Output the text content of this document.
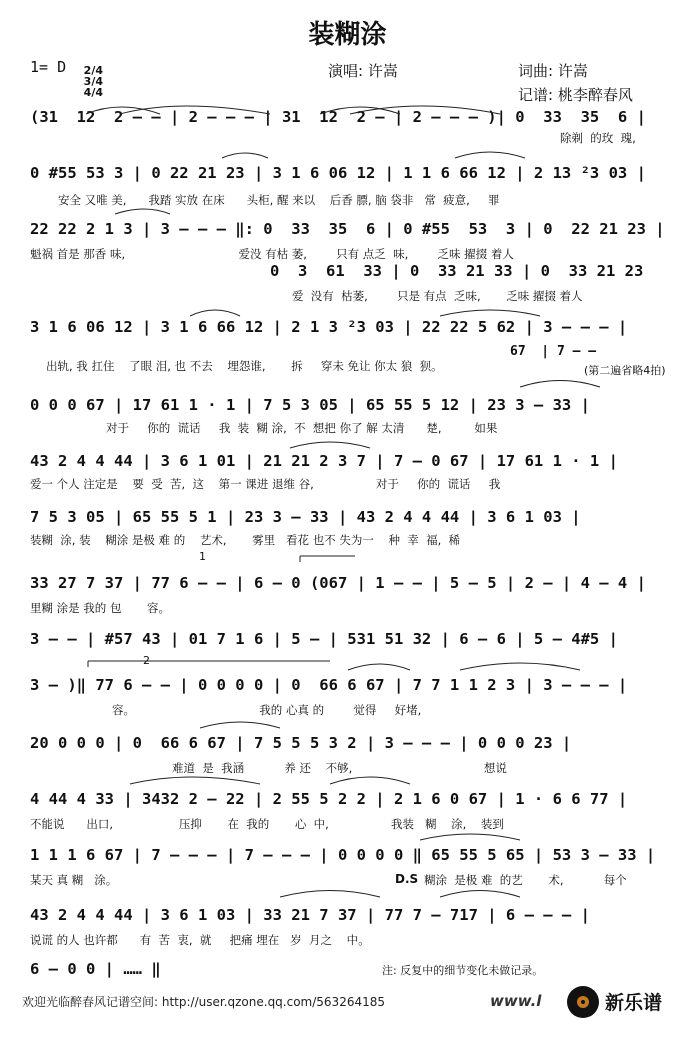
装糊涂
1= D	2/4
3/4
4/4

演唱: 许嵩	词曲: 许嵩
记谱: 桃李醉春风
(31  12  2 – – | 2 – – – | 31  12  2 – | 2 – – – )| 0  33  35  6 |
除剃  的玫  瑰,
0 #55 53 3 | 0 22 21 23 | 3 1 6 06 12 | 1 1 6 66 12 | 2 13 ²3 03 |
安全 又唯 美,      我踏 实放 在床      头柜, 醒 来以    后香 膘, 脑 袋非   常  疲意,     罪
22 22 2 1 3 | 3 – – – ‖: 0  33  35  6 | 0 #55  53  3 | 0  22 21 23 |
魁祸 首是 那香 味,                               爱没 有枯 萎,        只有 点乏  味,        乏味 擢掇 着人
0  3  61  33 | 0  33 21 33 | 0  33 21 23
爱  没有  枯萎,        只是 有点  乏味,       乏味 擢掇 着人
3 1 6 06 12 | 3 1 6 66 12 | 2 1 3 ²3 03 | 22 22 5 62 | 3 – – – |
出轨, 我 扛住    了眼 泪, 也 不去    埋怨谁,       拆     穿未 免让 你太 狼  狈。
0 0 0 67 | 17 61 1 · 1 | 7 5 3 05 | 65 55 5 12 | 23 3 – 33 |
对于     你的  谎话     我  装  糊 涂,  不  想把 你了 解 太清      楚,         如果
43 2 4 4 44 | 3 6 1 01 | 21 21 2 3 7 | 7 – 0 67 | 17 61 1 · 1 |
爱一 个人 注定是    要  受  苦,  这    第一 课进 退维 谷,                 对于     你的  谎话     我
7 5 3 05 | 65 55 5 1 | 23 3 – 33 | 43 2 4 4 44 | 3 6 1 03 |
装糊  涂, 装    糊涂 是极 难 的    艺术,       雾里   看花 也不 失为一    种  幸  福,  稀
33 27 7 37 | 77 6 – – | 6 – 0 (067 | 1 – – | 5 – 5 | 2 – | 4 – 4 |
里糊 涂是 我的 包       容。
3 – – | #57 43 | 01 7 1 6 | 5 – | 531 51 32 | 6 – 6 | 5 – 4#5 |
3 – )‖ 77 6 – – | 0 0 0 0 | 0  66 6 67 | 7 7 1 1 2 3 | 3 – – – |
容。                                  我的 心真 的        觉得     好堵,
20 0 0 0 | 0  66 6 67 | 7 5 5 5 3 2 | 3 – – – | 0 0 0 23 |
难道  是  我涵           养 还    不够,                                    想说
4 44 4 33 | 3432 2 – 22 | 2 55 5 2 2 | 2 1 6 0 67 | 1 · 6 6 77 |
不能说      出口,                  压抑       在  我的       心  中,                 我装   糊    涂,    装到
1 1 1 6 67 | 7 – – – | 7 – – – | 0 0 0 0 ‖ 65 55 5 65 | 53 3 – 33 |
某天 真 糊   涂。
43 2 4 4 44 | 3 6 1 03 | 33 21 7 37 | 77 7 – 717 | 6 – – – |
说谎 的人 也许都      有  苦  衷,  就     把痛 埋在   岁  月之    中。
6 – 0 0 | …… ‖
(第二遍省略4拍)
67  | 7 – –
D.S 糊涂  是极 难  的艺       术,           每个
1
2
注: 反复中的细节变化未做记录。
欢迎光临醉春风记谱空间: http://user.qzone.qq.com/563264185	www.l

	新乐谱
